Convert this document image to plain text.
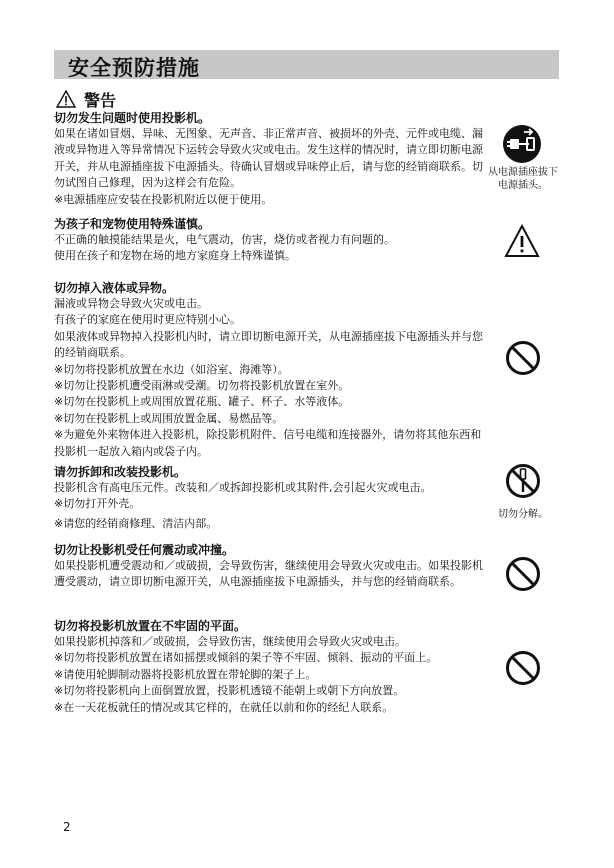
安全预防措施
警告
切勿发生问题时使用投影机。

如果在诸如冒烟、异味、无图象、无声音、非正常声音、被损坏的外壳、元件或电缆、漏液或异物进入等异常情况下运转会导致火灾或电击。发生这样的情况时，请立即切断电源开关，并从电源插座拔下电源插头。待确认冒烟或异味停止后，请与您的经销商联系。切勿试图自己修理，因为这样会有危险。

※电源插座应安装在投影机附近以便于使用。

为孩子和宠物使用特殊谨慎。

不正确的触摸能结果是火，电气震动，仿害，烧仿或者视力有问题的。

使用在孩子和宠物在场的地方家庭身上特殊谨慎。

切勿掉入液体或异物。

漏液或异物会导致火灾或电击。

有孩子的家庭在使用时更应特别小心。

如果液体或异物掉入投影机内时，请立即切断电源开关，从电源插座拔下电源插头并与您的经销商联系。

※切勿将投影机放置在水边（如浴室、海滩等）。

※切勿让投影机遭受雨淋或受潮。切勿将投影机放置在室外。

※切勿在投影机上或周围放置花瓶、罐子、杯子、水等液体。

※切勿在投影机上或周围放置金属、易燃品等。

※为避免外来物体进入投影机，除投影机附件、信号电缆和连接器外，请勿将其他东西和投影机一起放入箱内或袋子内。

请勿拆卸和改装投影机。

投影机含有高电压元件。改装和／或拆卸投影机或其附件,会引起火灾或电击。

※切勿打开外壳。

※请您的经销商修理、清洁内部。

切勿让投影机受任何震动或冲撞。

如果投影机遭受震动和／或破损，会导致伤害，继续使用会导致火灾或电击。如果投影机遭受震动，请立即切断电源开关，从电源插座拔下电源插头，并与您的经销商联系。

切勿将投影机放置在不牢固的平面。

如果投影机掉落和／或破损，会导致伤害，继续使用会导致火灾或电击。

※切勿将投影机放置在诸如摇摆或倾斜的架子等不牢固、倾斜、振动的平面上。

※请使用轮脚制动器将投影机放置在带轮脚的架子上。

※切勿将投影机向上面倒置放置，投影机透镜不能朝上或朝下方向放置。

※在一天花板就任的情况或其它样的，在就任以前和你的经纪人联系。

从电源插座拔下电源插头。
切勿分解。
2
